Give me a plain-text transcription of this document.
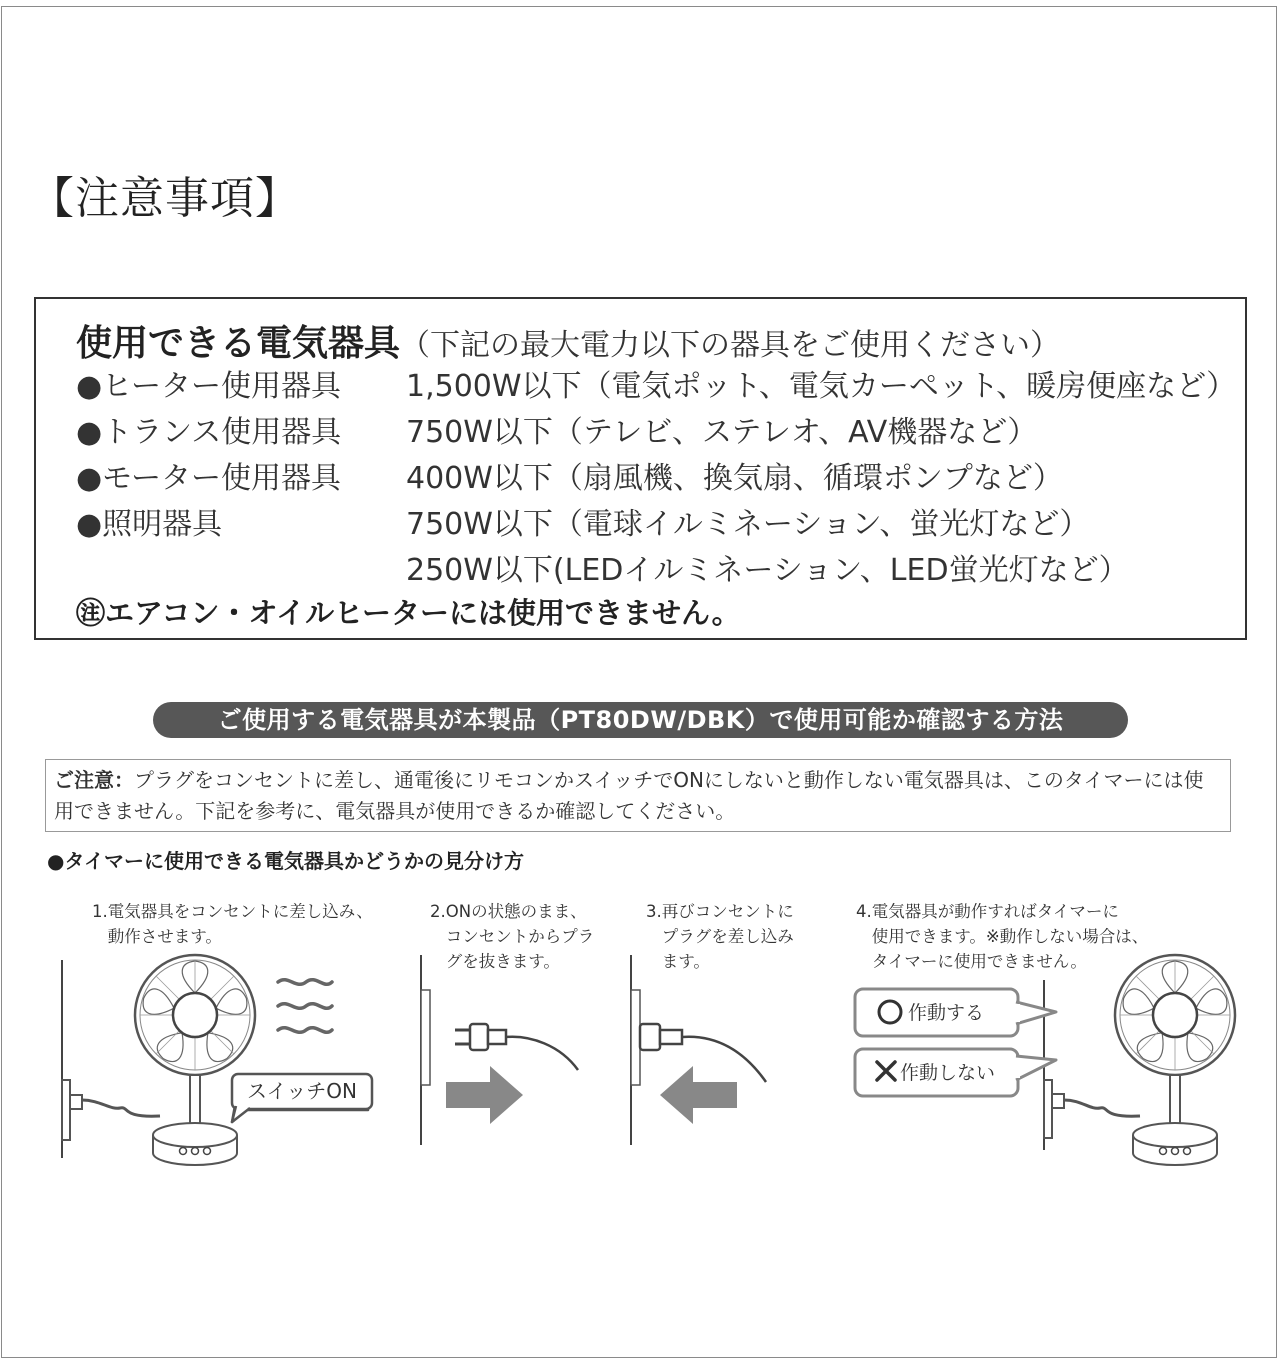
【注意事項】
使用できる電気器具（下記の最大電力以下の器具をご使用ください）
●ヒーター使用器具 1,500W以下（電気ポット、電気カーペット、暖房便座など）
●トランス使用器具 750W以下（テレビ、ステレオ、AV機器など）
●モーター使用器具 400W以下（扇風機、換気扇、循環ポンプなど）
●照明器具	750W以下（電球イルミネーション、蛍光灯など）
250W以下(LEDイルミネーション、LED蛍光灯など）
㊟エアコン・オイルヒーターには使用できません。
ご使用する電気器具が本製品（PT80DW/DBK）で使用可能か確認する方法
ご注意：プラグをコンセントに差し、通電後にリモコンかスイッチでONにしないと動作しない電気器具は、このタイマーには使用できません。下記を参考に、電気器具が使用できるか確認してください。
●タイマーに使用できる電気器具かどうかの見分け方
1.電気器具をコンセントに差し込み、
動作させます。
2.ONの状態のまま、
コンセントからプラ
グを抜きます。
3.再びコンセントに
プラグを差し込み
ます。
4.電気器具が動作すればタイマーに
使用できます。※動作しない場合は、
タイマーに使用できません。
スイッチON
作動する
作動しない
